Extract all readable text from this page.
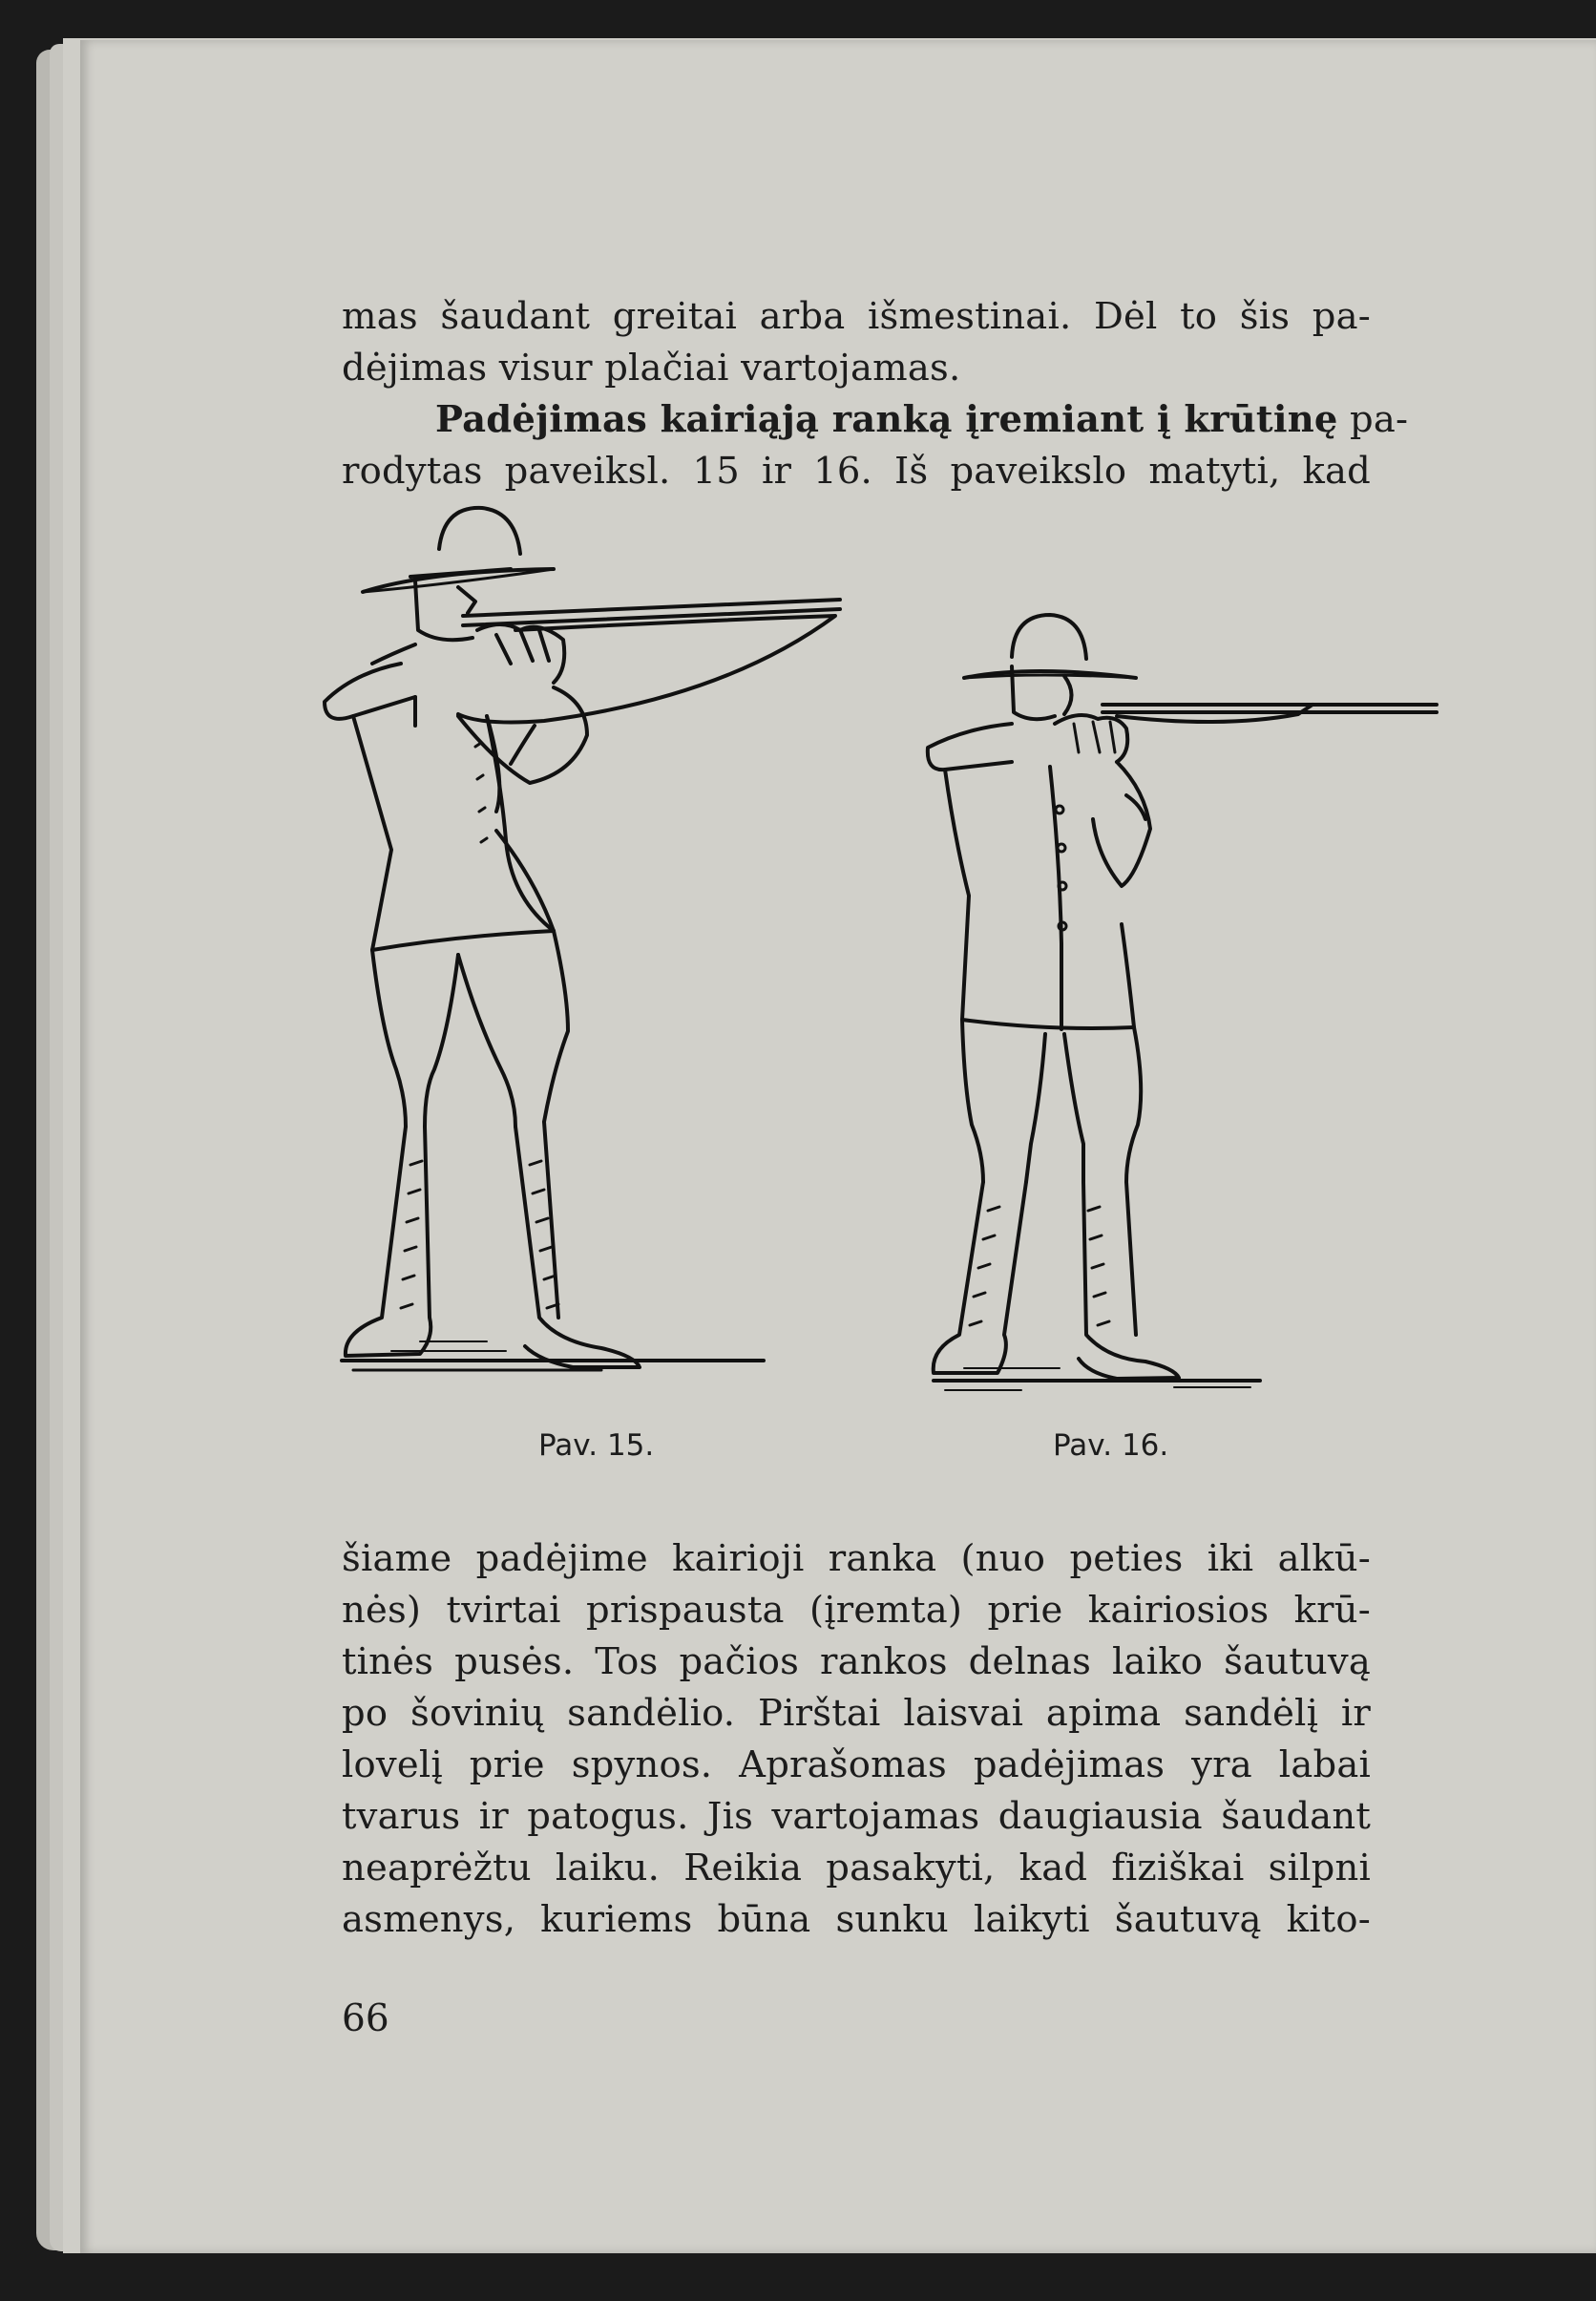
mas šaudant greitai arba išmestinai. Dėl to šis pa-
dėjimas visur plačiai vartojamas.
Padėjimas kairiąją ranką įremiant į krūtinę pa-
rodytas paveiksl. 15 ir 16. Iš paveikslo matyti, kad
Pav. 15.	Pav. 16.
šiame padėjime kairioji ranka (nuo peties iki alkū-
nės) tvirtai prispausta (įremta) prie kairiosios krū-
tinės pusės. Tos pačios rankos delnas laiko šautuvą
po šovinių sandėlio. Pirštai laisvai apima sandėlį ir
lovelį prie spynos. Aprašomas padėjimas yra labai
tvarus ir patogus. Jis vartojamas daugiausia šaudant
neaprėžtu laiku. Reikia pasakyti, kad fiziškai silpni
asmenys, kuriems būna sunku laikyti šautuvą kito-
66
